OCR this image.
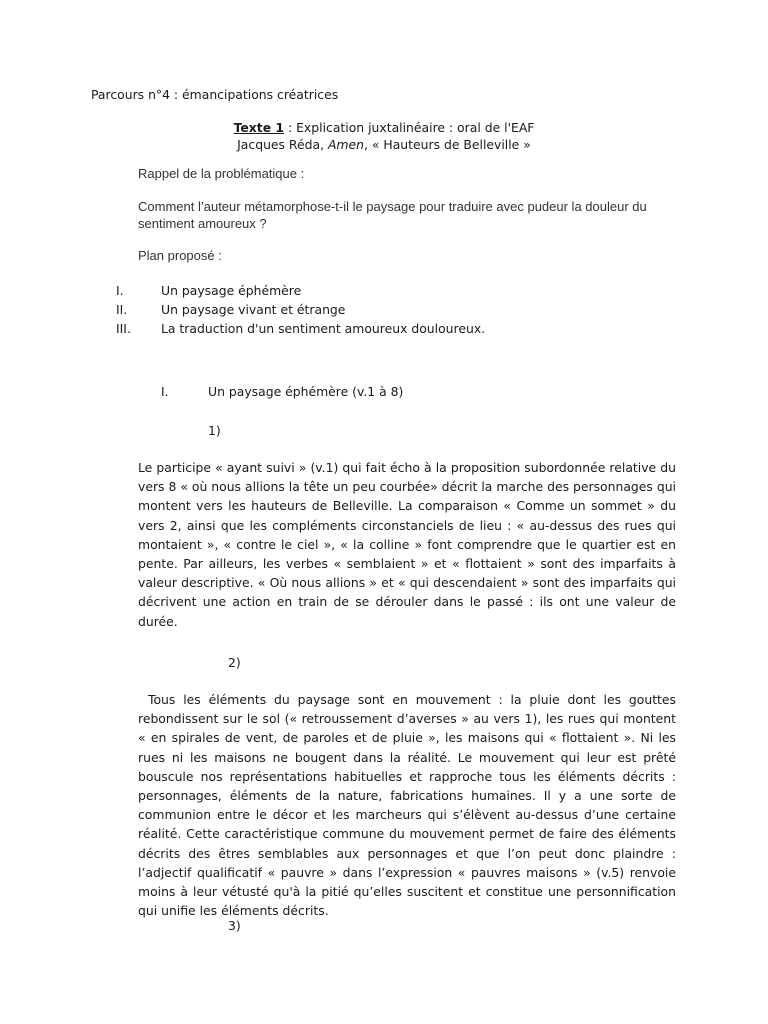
Parcours n°4 : émancipations créatrices
Texte 1 : Explication juxtalinéaire : oral de l'EAF
Jacques Réda, Amen, « Hauteurs de Belleville »
Rappel de la problématique :
Comment l’auteur métamorphose-t-il le paysage pour traduire avec pudeur la douleur du sentiment amoureux ?
Plan proposé :
I.	Un paysage éphémère
II.	Un paysage vivant et étrange
III. La traduction d'un sentiment amoureux douloureux.
I.	Un paysage éphémère (v.1 à 8)
1)

Le participe « ayant suivi » (v.1) qui fait écho à la proposition subordonnée relative du vers 8 « où nous allions la tête un peu courbée» décrit la marche des personnages qui montent vers les hauteurs de Belleville. La comparaison « Comme un sommet » du vers 2, ainsi que les compléments circonstanciels de lieu : « au-dessus des rues qui montaient », « contre le ciel », « la colline » font comprendre que le quartier est en pente. Par ailleurs, les verbes « semblaient » et « flottaient » sont des imparfaits à valeur descriptive. « Où nous allions » et « qui descendaient » sont des imparfaits qui décrivent une action en train de se dérouler dans le passé : ils ont une valeur de durée.

2)

Tous les éléments du paysage sont en mouvement : la pluie dont les gouttes rebondissent sur le sol (« retroussement d’averses » au vers 1), les rues qui montent « en spirales de vent, de paroles et de pluie », les maisons qui « flottaient ». Ni les rues ni les maisons ne bougent dans la réalité. Le mouvement qui leur est prêté bouscule nos représentations habituelles et rapproche tous les éléments décrits : personnages, éléments de la nature, fabrications humaines. Il y a une sorte de communion entre le décor et les marcheurs qui s’élèvent au-dessus d’une certaine réalité. Cette caractéristique commune du mouvement permet de faire des éléments décrits des êtres semblables aux personnages et que l’on peut donc plaindre : l’adjectif qualificatif « pauvre » dans l’expression « pauvres maisons » (v.5) renvoie moins à leur vétusté qu'à la pitié qu’elles suscitent et constitue une personnification qui unifie les éléments décrits.

3)
